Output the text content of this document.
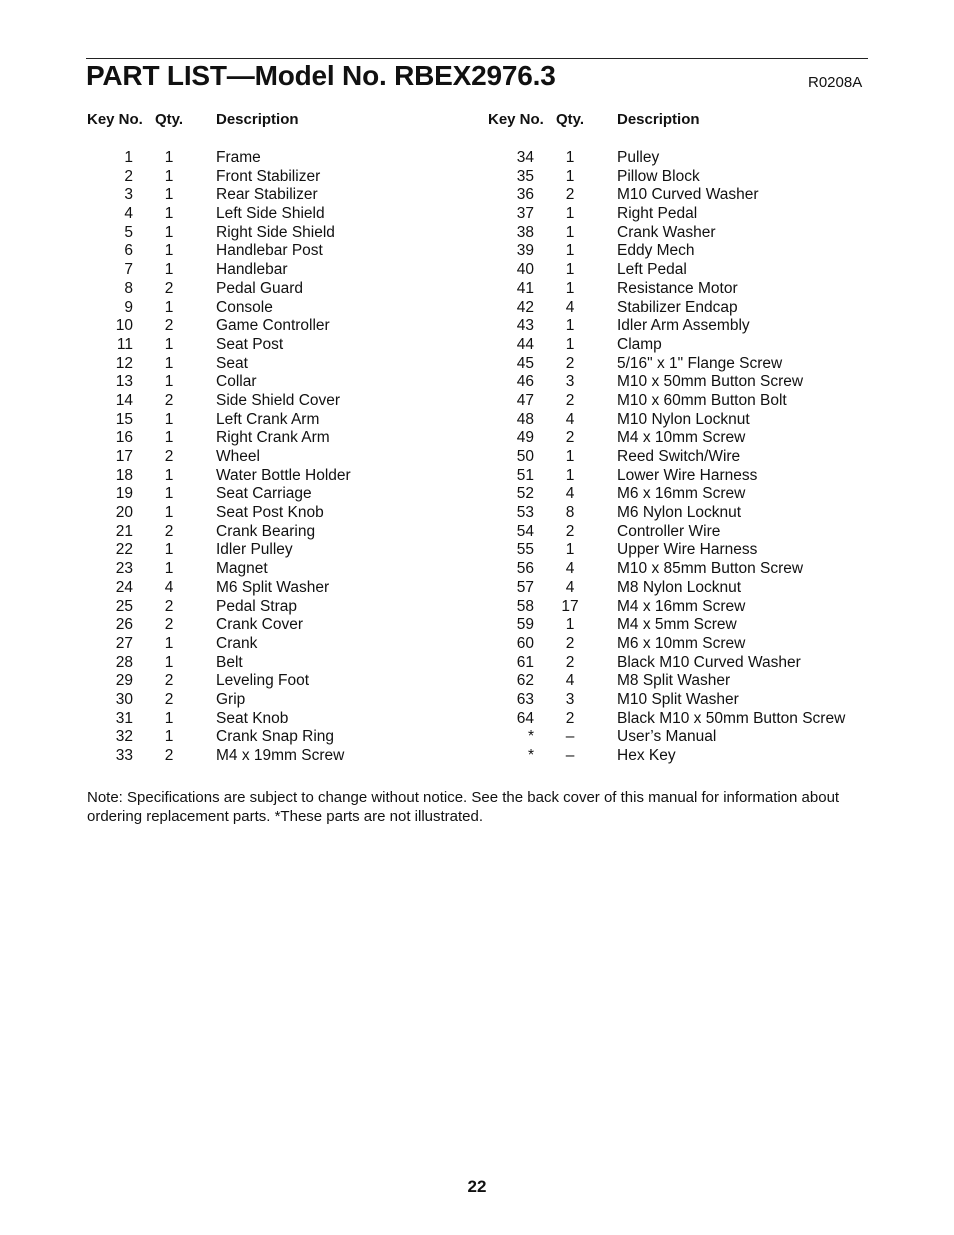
PART LIST—Model No. RBEX2976.3	R0208A
Key No. Qty. Description
1	1	Frame
2	1	Front Stabilizer
3	1	Rear Stabilizer
4	1	Left Side Shield
5	1	Right Side Shield
6	1	Handlebar Post
7	1	Handlebar
8	2	Pedal Guard
9	1	Console
10	2	Game Controller
11	1	Seat Post
12	1	Seat
13	1	Collar
14	2	Side Shield Cover
15	1	Left Crank Arm
16	1	Right Crank Arm
17	2	Wheel
18	1	Water Bottle Holder
19	1	Seat Carriage
20	1	Seat Post Knob
21	2	Crank Bearing
22	1	Idler Pulley
23	1	Magnet
24	4	M6 Split Washer
25	2	Pedal Strap
26	2	Crank Cover
27	1	Crank
28	1	Belt
29	2	Leveling Foot
30	2	Grip
31	1	Seat Knob
32	1	Crank Snap Ring
33	2	M4 x 19mm Screw
Key No. Qty. Description
34	1	Pulley
35	1	Pillow Block
36	2	M10 Curved Washer
37	1	Right Pedal
38	1	Crank Washer
39	1	Eddy Mech
40	1	Left Pedal
41	1	Resistance Motor
42	4	Stabilizer Endcap
43	1	Idler Arm Assembly
44	1	Clamp
45	2	5/16" x 1" Flange Screw
46	3	M10 x 50mm Button Screw
47	2	M10 x 60mm Button Bolt
48	4	M10 Nylon Locknut
49	2	M4 x 10mm Screw
50	1	Reed Switch/Wire
51	1	Lower Wire Harness
52	4	M6 x 16mm Screw
53	8	M6 Nylon Locknut
54	2	Controller Wire
55	1	Upper Wire Harness
56	4	M10 x 85mm Button Screw
57	4	M8 Nylon Locknut
58 17 M4 x 16mm Screw
59	1	M4 x 5mm Screw
60	2	M6 x 10mm Screw
61	2	Black M10 Curved Washer
62	4	M8 Split Washer
63	3	M10 Split Washer
64	2	Black M10 x 50mm Button Screw
*	–	User’s Manual
*	–	Hex Key
Note: Specifications are subject to change without notice. See the back cover of this manual for information about ordering replacement parts. *These parts are not illustrated.
22
